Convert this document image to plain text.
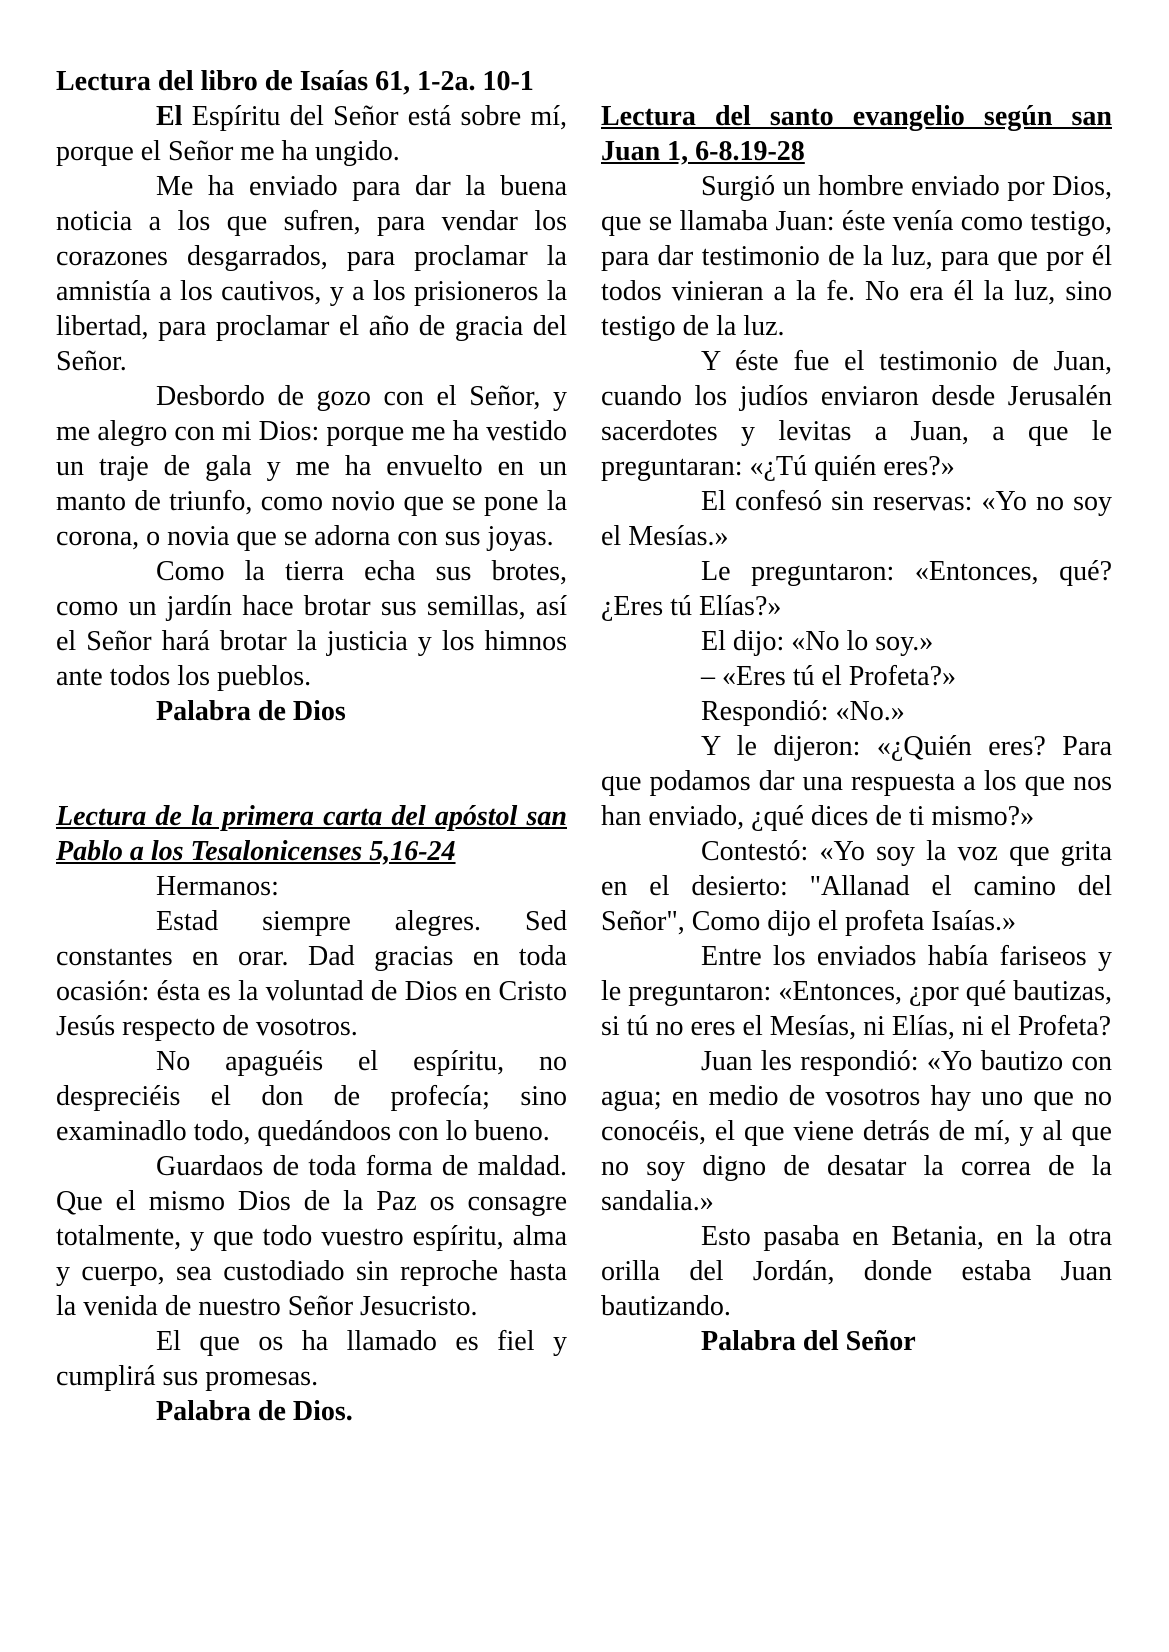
Lectura del libro de Isaías 61, 1-2a. 10-1

El Espíritu del Señor está sobre mí, porque el Señor me ha ungido.

Me ha enviado para dar la buena noticia a los que sufren, para vendar los corazones desgarrados, para proclamar la amnistía a los cautivos, y a los prisioneros la libertad, para proclamar el año de gracia del Señor.

Desbordo de gozo con el Señor, y me alegro con mi Dios: porque me ha vestido un traje de gala y me ha envuelto en un manto de triunfo, como novio que se pone la corona, o novia que se adorna con sus joyas.

Como la tierra echa sus brotes, como un jardín hace brotar sus semillas, así el Señor hará brotar la justicia y los himnos ante todos los pueblos.

Palabra de Dios

Lectura de la primera carta del apóstol san Pablo a los Tesalonicenses 5,16-24

Hermanos:

Estad siempre alegres. Sed constantes en orar. Dad gracias en toda ocasión: ésta es la voluntad de Dios en Cristo Jesús respecto de vosotros.

No apaguéis el espíritu, no despreciéis el don de profecía; sino examinadlo todo, quedándoos con lo bueno.

Guardaos de toda forma de maldad. Que el mismo Dios de la Paz os consagre totalmente, y que todo vuestro espíritu, alma y cuerpo, sea custodiado sin reproche hasta la venida de nuestro Señor Jesucristo.

El que os ha llamado es fiel y cumplirá sus promesas.

Palabra de Dios.

Lectura del santo evangelio según san Juan 1, 6-8.19-28

Surgió un hombre enviado por Dios, que se llamaba Juan: éste venía como testigo, para dar testimonio de la luz, para que por él todos vinieran a la fe. No era él la luz, sino testigo de la luz.

Y éste fue el testimonio de Juan, cuando los judíos enviaron desde Jerusalén sacerdotes y levitas a Juan, a que le preguntaran: «¿Tú quién eres?»

El confesó sin reservas: «Yo no soy el Mesías.»

Le preguntaron: «Entonces, qué? ¿Eres tú Elías?»

El dijo: «No lo soy.»

– «Eres tú el Profeta?»

Respondió: «No.»

Y le dijeron: «¿Quién eres? Para que podamos dar una respuesta a los que nos han enviado, ¿qué dices de ti mismo?»

Contestó: «Yo soy la voz que grita en el desierto: "Allanad el camino del Señor", Como dijo el profeta Isaías.»

Entre los enviados había fariseos y le preguntaron: «Entonces, ¿por qué bautizas, si tú no eres el Mesías, ni Elías, ni el Profeta?

Juan les respondió: «Yo bautizo con agua; en medio de vosotros hay uno que no conocéis, el que viene detrás de mí, y al que no soy digno de desatar la correa de la sandalia.»

Esto pasaba en Betania, en la otra orilla del Jordán, donde estaba Juan bautizando.

Palabra del Señor
